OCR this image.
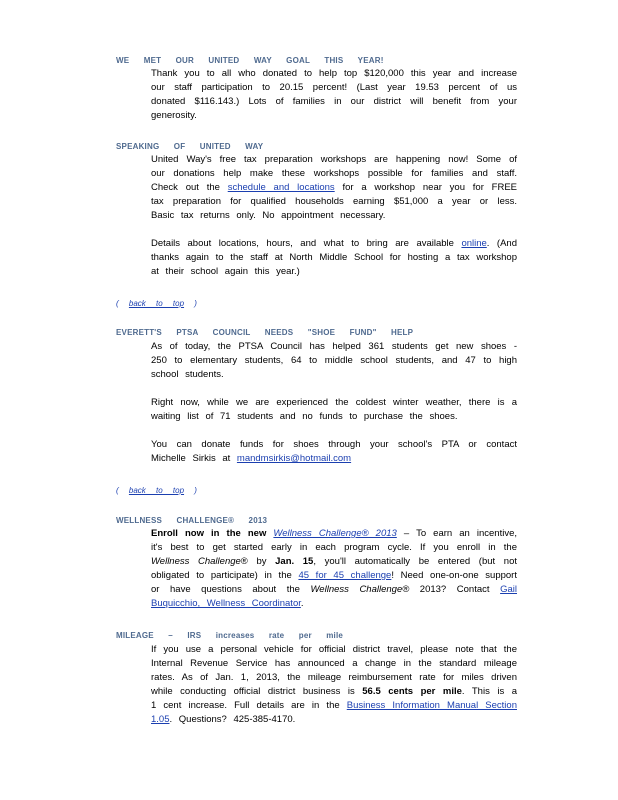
WE MET OUR UNITED WAY GOAL THIS YEAR!

Thank you to all who donated to help top $120,000 this year and increase our staff participation to 20.15 percent! (Last year 19.53 percent of us donated $116.143.) Lots of families in our district will benefit from your generosity.

SPEAKING OF UNITED WAY

United Way's free tax preparation workshops are happening now! Some of our donations help make these workshops possible for families and staff. Check out the schedule and locations for a workshop near you for FREE tax preparation for qualified households earning $51,000 a year or less. Basic tax returns only. No appointment necessary.

Details about locations, hours, and what to bring are available online. (And thanks again to the staff at North Middle School for hosting a tax workshop at their school again this year.)

( back to top )

EVERETT'S PTSA COUNCIL NEEDS "SHOE FUND" HELP

As of today, the PTSA Council has helped 361 students get new shoes - 250 to elementary students, 64 to middle school students, and 47 to high school students.

Right now, while we are experienced the coldest winter weather, there is a waiting list of 71 students and no funds to purchase the shoes.

You can donate funds for shoes through your school's PTA or contact Michelle Sirkis at mandmsirkis@hotmail.com

( back to top )

WELLNESS CHALLENGE® 2013

Enroll now in the new Wellness Challenge® 2013 – To earn an incentive, it's best to get started early in each program cycle. If you enroll in the Wellness Challenge® by Jan. 15, you'll automatically be entered (but not obligated to participate) in the 45 for 45 challenge! Need one-on-one support or have questions about the Wellness Challenge® 2013? Contact Gail Buquicchio, Wellness Coordinator.

MILEAGE – IRS increases rate per mile

If you use a personal vehicle for official district travel, please note that the Internal Revenue Service has announced a change in the standard mileage rates. As of Jan. 1, 2013, the mileage reimbursement rate for miles driven while conducting official district business is 56.5 cents per mile. This is a 1 cent increase. Full details are in the Business Information Manual Section 1.05. Questions? 425-385-4170.
